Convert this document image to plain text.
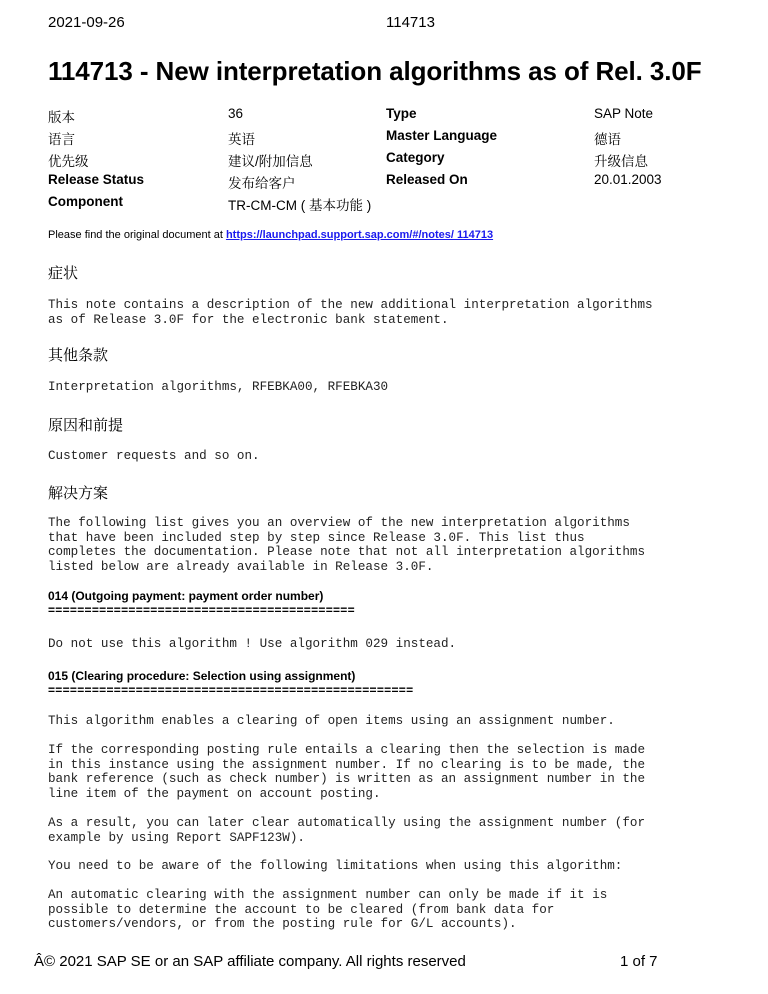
2021-09-26	114713
114713 - New interpretation algorithms as of Rel. 3.0F
版本	36	Type	SAP Note
语言	英语	Master Language	德语
优先级	建议/附加信息	Category	升级信息
Release Status	发布给客户	Released On	20.01.2003
Component	TR-CM-CM ( 基本功能 )
Please find the original document at https://launchpad.support.sap.com/#/notes/ 114713
症状
This note contains a description of the new additional interpretation algorithms
as of Release 3.0F for the electronic bank statement.
其他条款
Interpretation algorithms, RFEBKA00, RFEBKA30
原因和前提
Customer requests and so on.
解决方案
The following list gives you an overview of the new interpretation algorithms
that have been included step by step since Release 3.0F. This list thus
completes the documentation. Please note that not all interpretation algorithms
listed below are already available in Release 3.0F.
014 (Outgoing payment: payment order number)
==========================================
Do not use this algorithm ! Use algorithm 029 instead.
015 (Clearing procedure: Selection using assignment)
==================================================
This algorithm enables a clearing of open items using an assignment number.
If the corresponding posting rule entails a clearing then the selection is made
in this instance using the assignment number. If no clearing is to be made, the
bank reference (such as check number) is written as an assignment number in the
line item of the payment on account posting.
As a result, you can later clear automatically using the assignment number (for
example by using Report SAPF123W).
You need to be aware of the following limitations when using this algorithm:
An automatic clearing with the assignment number can only be made if it is
possible to determine the account to be cleared (from bank data for
customers/vendors, or from the posting rule for G/L accounts).
Â© 2021 SAP SE or an SAP affiliate company. All rights reserved	1 of 7
